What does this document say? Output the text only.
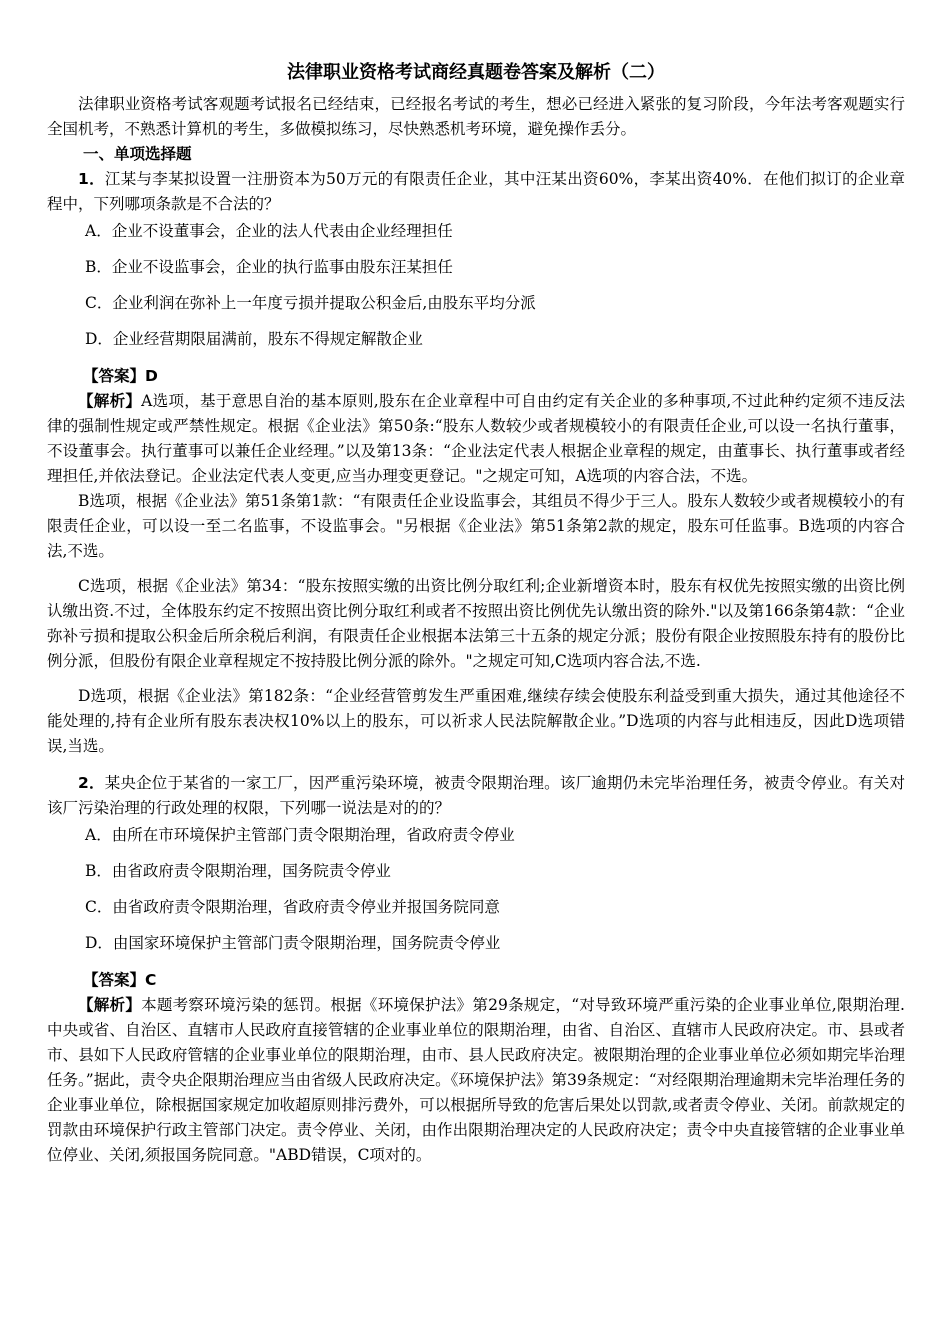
法律职业资格考试商经真题卷答案及解析（二）

法律职业资格考试客观题考试报名已经结束，已经报名考试的考生，想必已经进入紧张的复习阶段，今年法考客观题实行全国机考，不熟悉计算机的考生，多做模拟练习，尽快熟悉机考环境，避免操作丢分。

一、单项选择题

1．江某与李某拟设置一注册资本为50万元的有限责任企业，其中汪某出资60%，李某出资40%．在他们拟订的企业章程中，下列哪项条款是不合法的？

A．企业不设董事会，企业的法人代表由企业经理担任

B．企业不设监事会，企业的执行监事由股东汪某担任

C．企业利润在弥补上一年度亏损并提取公积金后,由股东平均分派

D．企业经营期限届满前，股东不得规定解散企业

【答案】D

【解析】A选项，基于意思自治的基本原则,股东在企业章程中可自由约定有关企业的多种事项,不过此种约定须不违反法律的强制性规定或严禁性规定。根据《企业法》第50条:“股东人数较少或者规模较小的有限责任企业,可以设一名执行董事，不设董事会。执行董事可以兼任企业经理。”以及第13条：“企业法定代表人根据企业章程的规定，由董事长、执行董事或者经理担任,并依法登记。企业法定代表人变更,应当办理变更登记。"之规定可知，A选项的内容合法，不选。

B选项，根据《企业法》第51条第1款：“有限责任企业设监事会，其组员不得少于三人。股东人数较少或者规模较小的有限责任企业，可以设一至二名监事，不设监事会。"另根据《企业法》第51条第2款的规定，股东可任监事。B选项的内容合法,不选。

C选项，根据《企业法》第34：“股东按照实缴的出资比例分取红利;企业新增资本时，股东有权优先按照实缴的出资比例认缴出资.不过，全体股东约定不按照出资比例分取红利或者不按照出资比例优先认缴出资的除外."以及第166条第4款：“企业弥补亏损和提取公积金后所余税后利润，有限责任企业根据本法第三十五条的规定分派；股份有限企业按照股东持有的股份比例分派，但股份有限企业章程规定不按持股比例分派的除外。"之规定可知,C选项内容合法,不选.

D选项，根据《企业法》第182条：“企业经营管剪发生严重困难,继续存续会使股东利益受到重大损失，通过其他途径不能处理的,持有企业所有股东表决权10%以上的股东，可以祈求人民法院解散企业。”D选项的内容与此相违反，因此D选项错误,当选。

2．某央企位于某省的一家工厂，因严重污染环境，被责令限期治理。该厂逾期仍未完毕治理任务，被责令停业。有关对该厂污染治理的行政处理的权限，下列哪一说法是对的的？

A．由所在市环境保护主管部门责令限期治理，省政府责令停业

B．由省政府责令限期治理，国务院责令停业

C．由省政府责令限期治理，省政府责令停业并报国务院同意

D．由国家环境保护主管部门责令限期治理，国务院责令停业

【答案】C

【解析】本题考察环境污染的惩罚。根据《环境保护法》第29条规定，“对导致环境严重污染的企业事业单位,限期治理.中央或省、自治区、直辖市人民政府直接管辖的企业事业单位的限期治理，由省、自治区、直辖市人民政府决定。市、县或者市、县如下人民政府管辖的企业事业单位的限期治理，由市、县人民政府决定。被限期治理的企业事业单位必须如期完毕治理任务。”据此，责令央企限期治理应当由省级人民政府决定。《环境保护法》第39条规定：“对经限期治理逾期未完毕治理任务的企业事业单位，除根据国家规定加收超原则排污费外，可以根据所导致的危害后果处以罚款,或者责令停业、关闭。前款规定的罚款由环境保护行政主管部门决定。责令停业、关闭，由作出限期治理决定的人民政府决定；责令中央直接管辖的企业事业单位停业、关闭,须报国务院同意。"ABD错误，C项对的。
